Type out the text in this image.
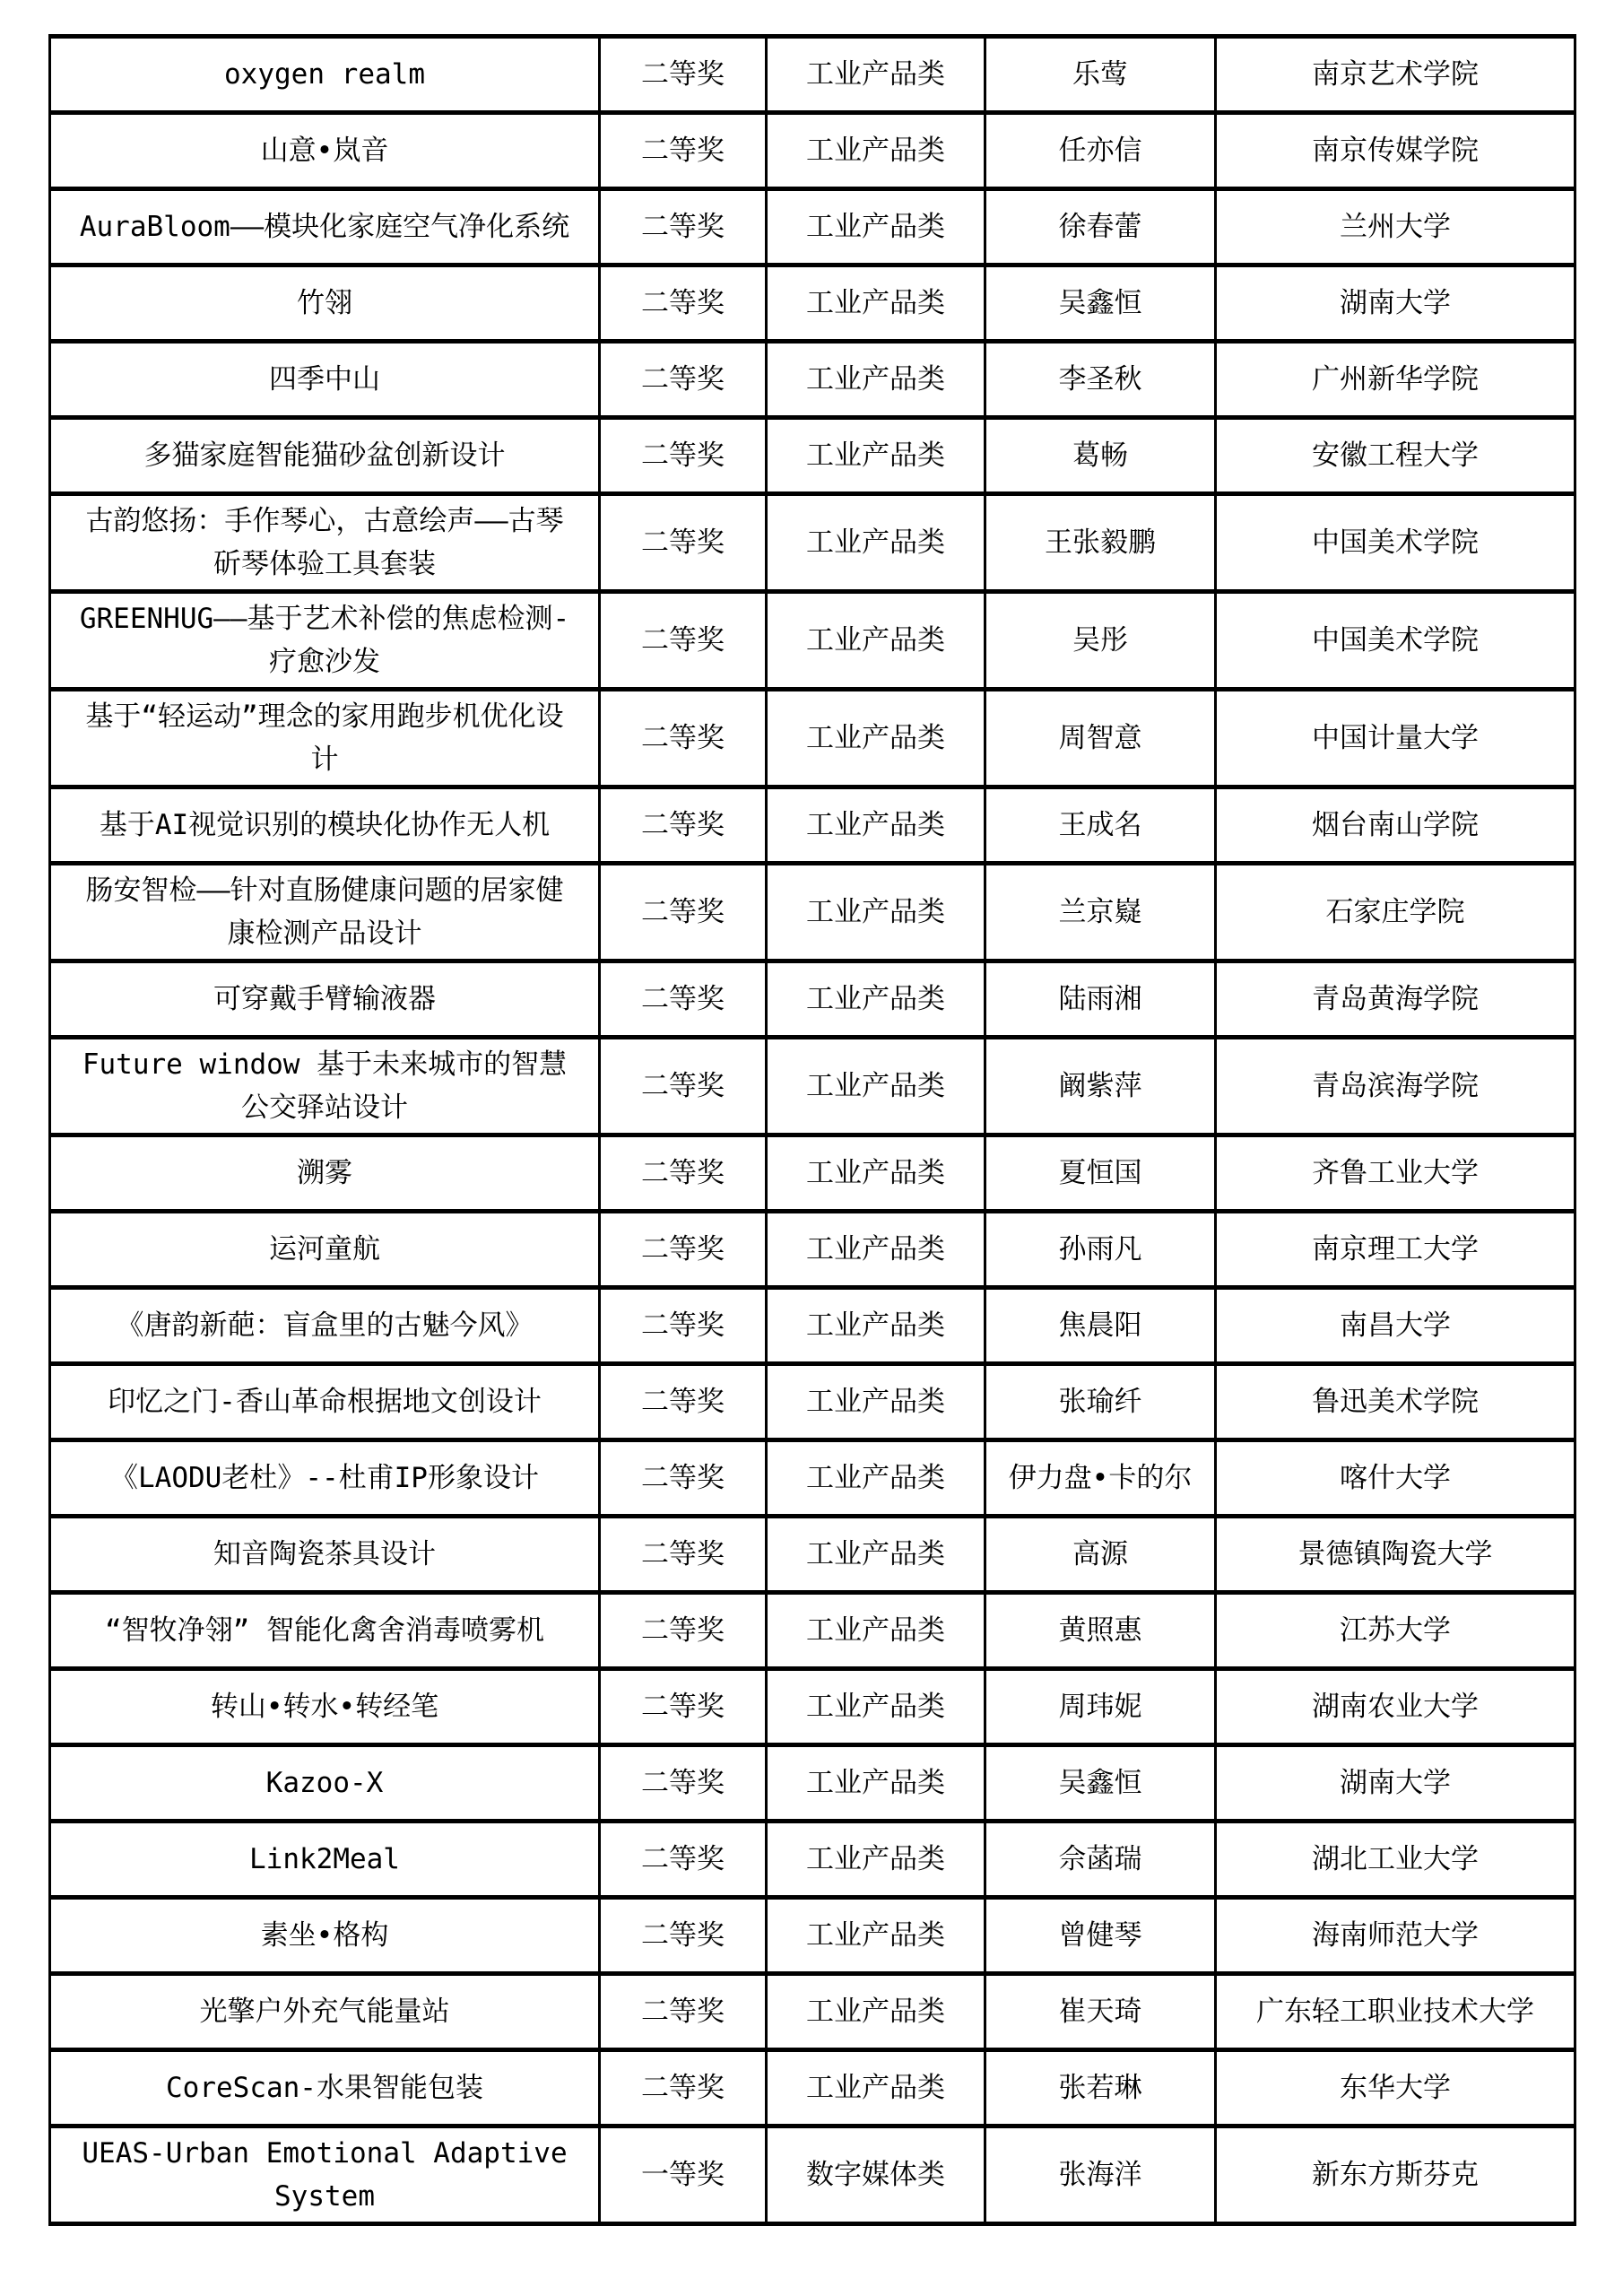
oxygen realm	二等奖	工业产品类	乐莺	南京艺术学院
山意•岚音	二等奖	工业产品类	任亦信	南京传媒学院
AuraBloom——模块化家庭空气净化系统	二等奖	工业产品类	徐春蕾	兰州大学
竹翎	二等奖	工业产品类	吴鑫恒	湖南大学
四季中山	二等奖	工业产品类	李圣秋	广州新华学院
多猫家庭智能猫砂盆创新设计	二等奖	工业产品类	葛畅	安徽工程大学
古韵悠扬：手作琴心，古意绘声——古琴斫琴体验工具套装	二等奖	工业产品类	王张毅鹏	中国美术学院
GREENHUG——基于艺术补偿的焦虑检测-疗愈沙发	二等奖	工业产品类	吴彤	中国美术学院
基于“轻运动”理念的家用跑步机优化设计	二等奖	工业产品类	周智意	中国计量大学
基于AI视觉识别的模块化协作无人机	二等奖	工业产品类	王成名	烟台南山学院
肠安智检——针对直肠健康问题的居家健康检测产品设计	二等奖	工业产品类	兰京嶷	石家庄学院
可穿戴手臂输液器	二等奖	工业产品类	陆雨湘	青岛黄海学院
Future window 基于未来城市的智慧公交驿站设计	二等奖	工业产品类	阚紫萍	青岛滨海学院
溯雾	二等奖	工业产品类	夏恒国	齐鲁工业大学
运河童航	二等奖	工业产品类	孙雨凡	南京理工大学
《唐韵新葩：盲盒里的古魅今风》	二等奖	工业产品类	焦晨阳	南昌大学
印忆之门-香山革命根据地文创设计	二等奖	工业产品类	张瑜纤	鲁迅美术学院
《LAODU老杜》--杜甫IP形象设计	二等奖	工业产品类	伊力盘•卡的尔	喀什大学
知音陶瓷茶具设计	二等奖	工业产品类	高源	景德镇陶瓷大学
“智牧净翎” 智能化禽舍消毒喷雾机	二等奖	工业产品类	黄照惠	江苏大学
转山•转水•转经笔	二等奖	工业产品类	周玮妮	湖南农业大学
Kazoo-X	二等奖	工业产品类	吴鑫恒	湖南大学
Link2Meal	二等奖	工业产品类	佘菡瑞	湖北工业大学
素坐•格构	二等奖	工业产品类	曾健琴	海南师范大学
光擎户外充气能量站	二等奖	工业产品类	崔天琦	广东轻工职业技术大学
CoreScan-水果智能包装	二等奖	工业产品类	张若琳	东华大学
UEAS-Urban Emotional Adaptive System	一等奖	数字媒体类	张海洋	新东方斯芬克
